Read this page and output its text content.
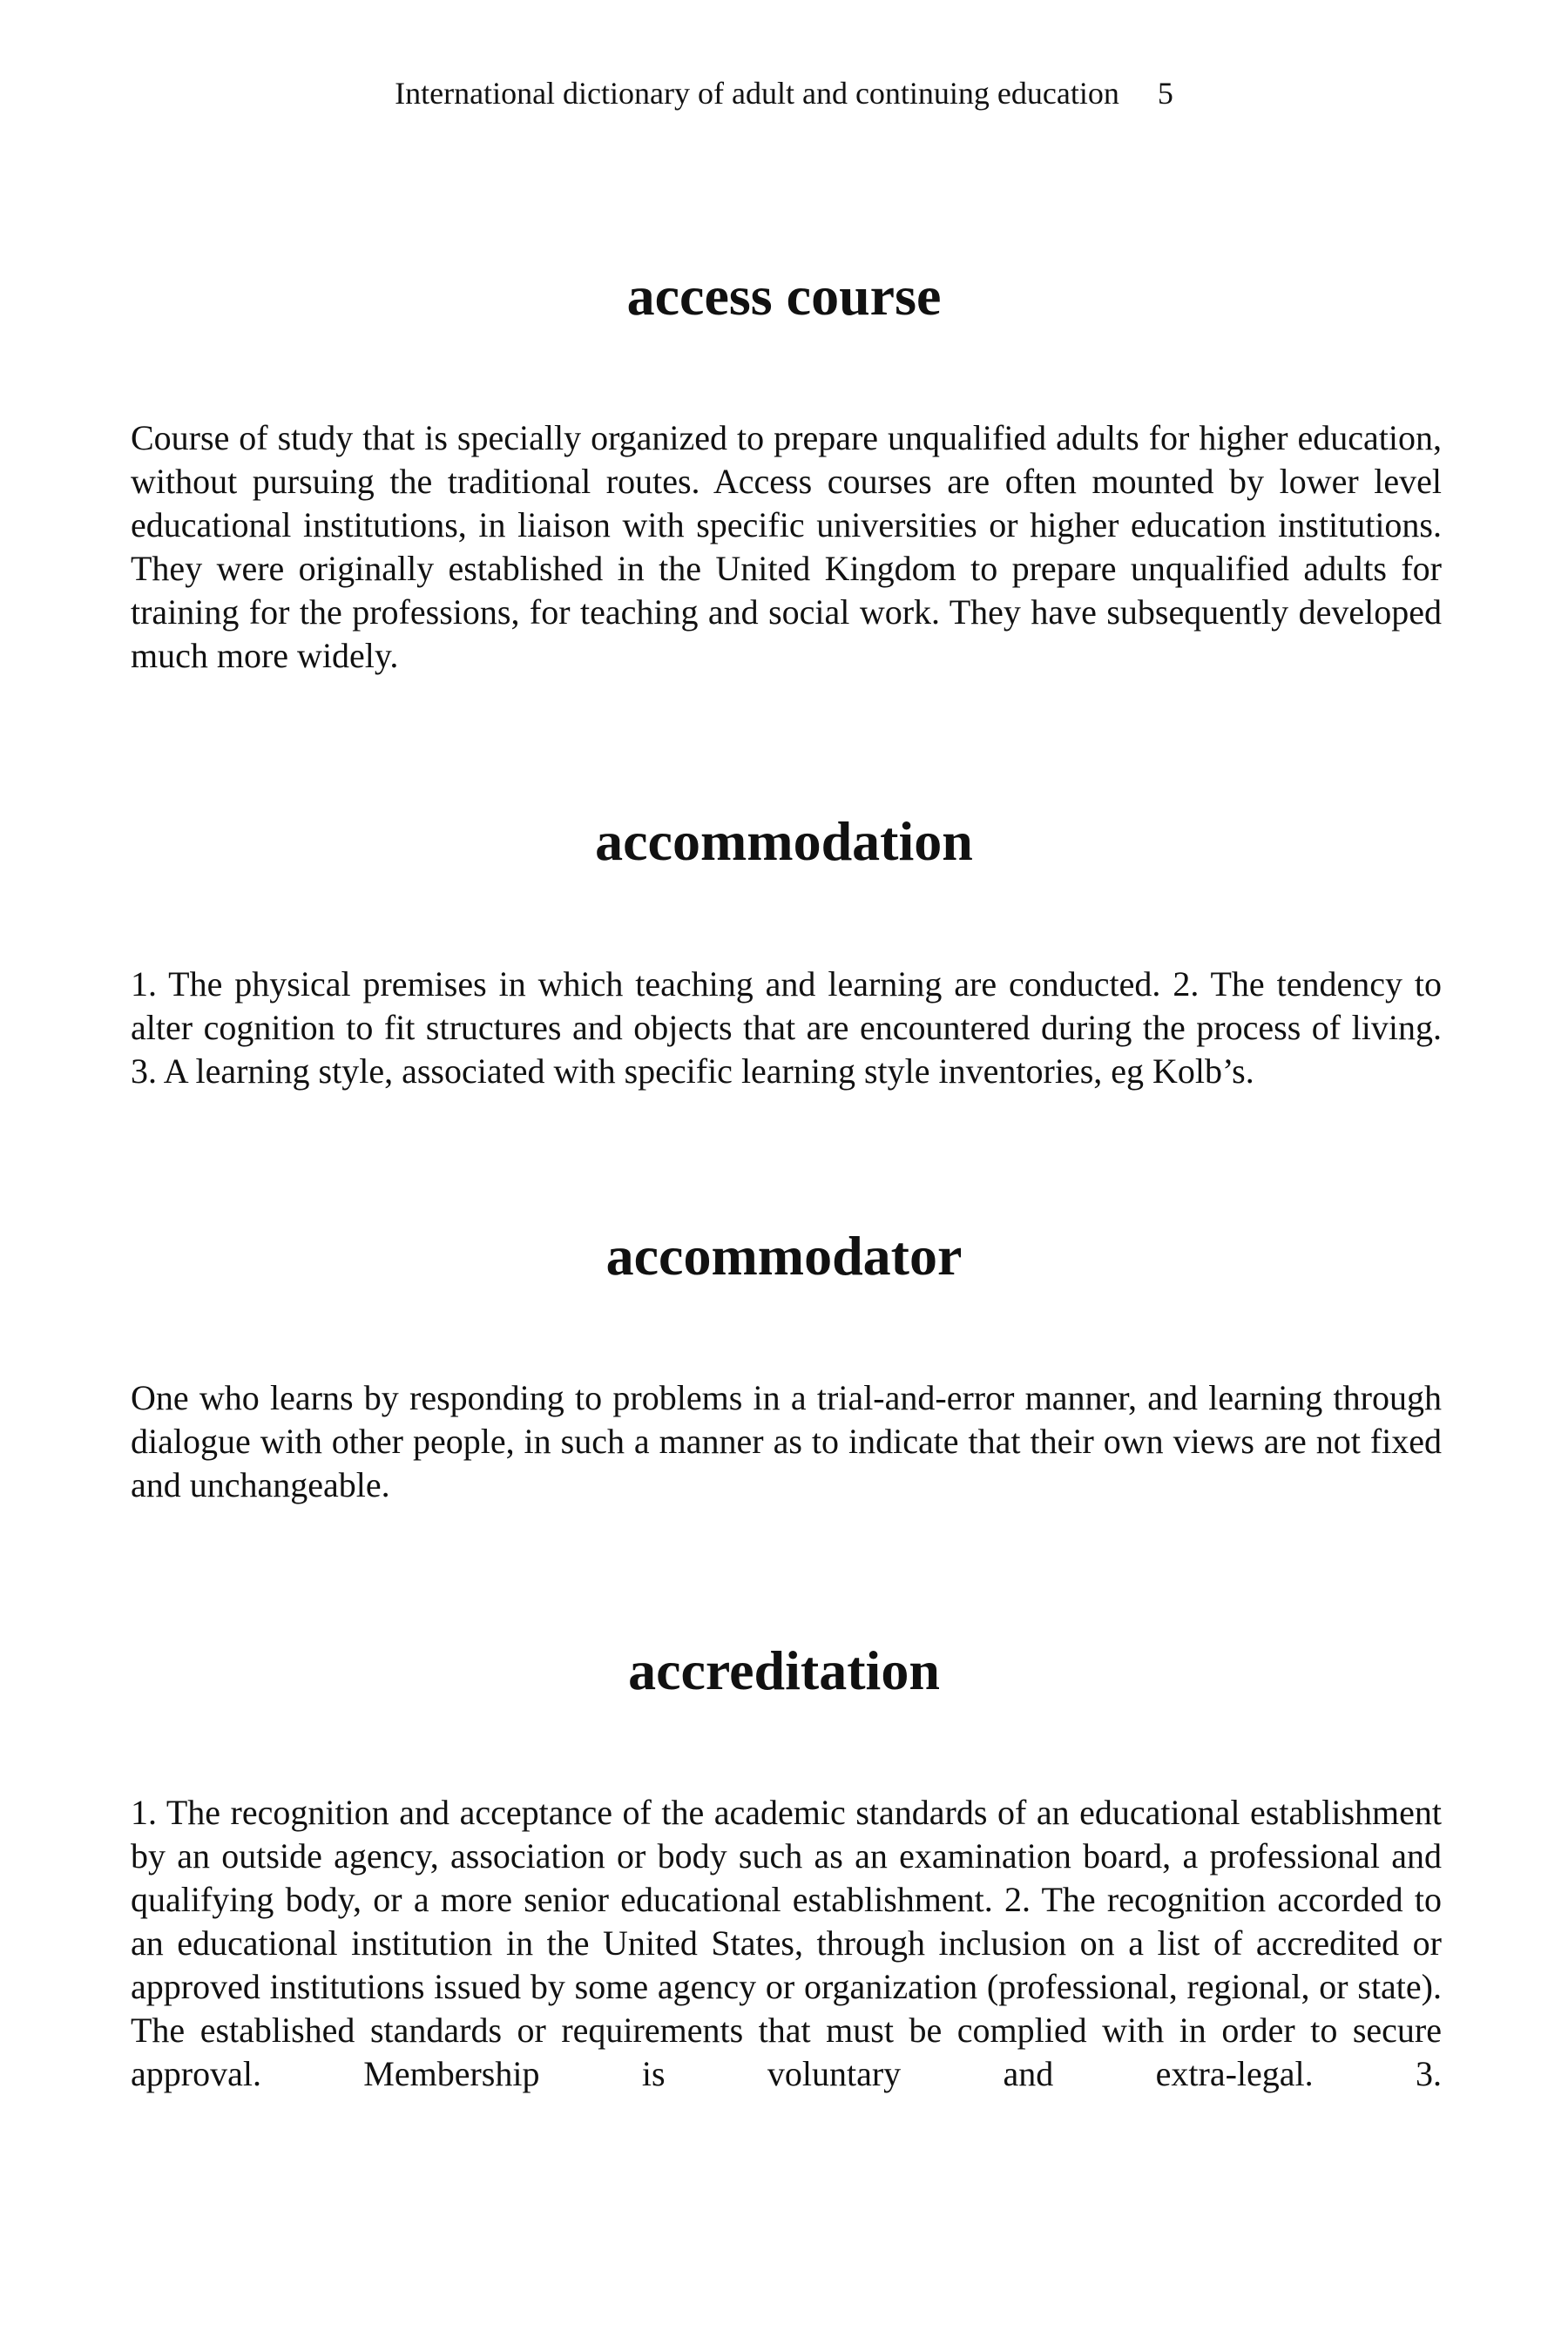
International dictionary of adult and continuing education 5
access course

Course of study that is specially organized to prepare unqualified adults for higher education, without pursuing the traditional routes. Access courses are often mounted by lower level educational institutions, in liaison with specific universities or higher education institutions. They were originally established in the United Kingdom to prepare unqualified adults for training for the professions, for teaching and social work. They have subsequently developed much more widely.

accommodation

1. The physical premises in which teaching and learning are conducted. 2. The tendency to alter cognition to fit structures and objects that are encountered during the process of living. 3. A learning style, associated with specific learning style inventories, eg Kolb’s.

accommodator

One who learns by responding to problems in a trial-and-error manner, and learning through dialogue with other people, in such a manner as to indicate that their own views are not fixed and unchangeable.

accreditation

1. The recognition and acceptance of the academic standards of an educational establishment by an outside agency, association or body such as an examination board, a professional and qualifying body, or a more senior educational establishment. 2. The recognition accorded to an educational institution in the United States, through inclusion on a list of accredited or approved institutions issued by some agency or organization (professional, regional, or state). The established standards or requirements that must be complied with in order to secure approval. Membership is voluntary and extra-legal. 3.
